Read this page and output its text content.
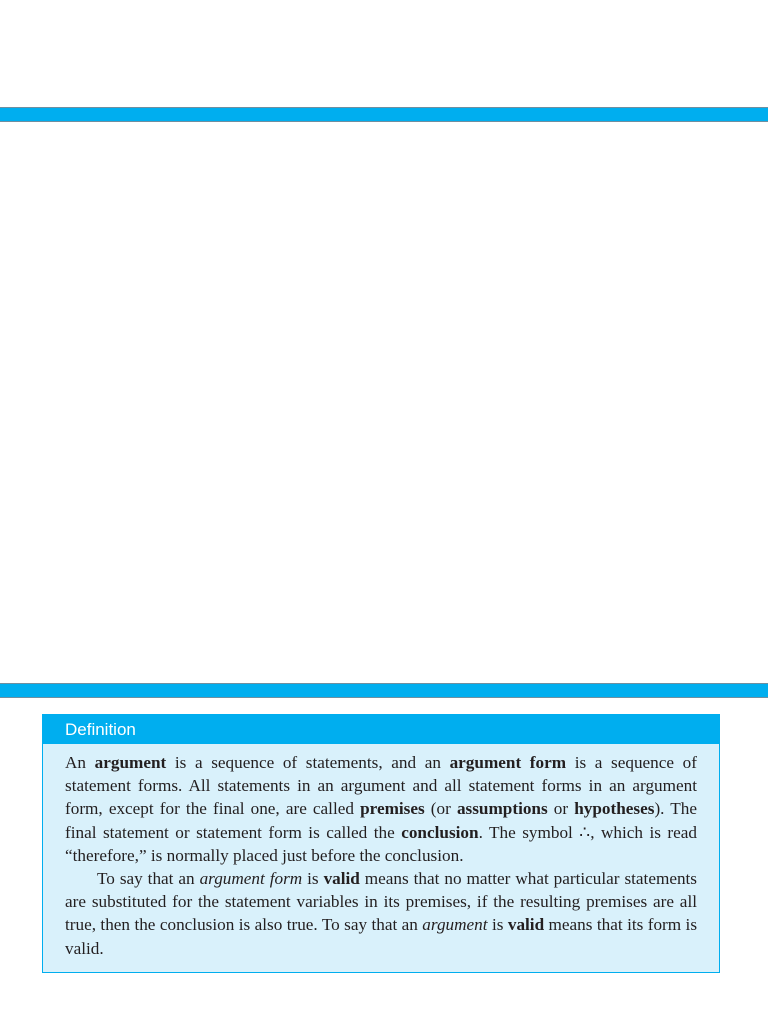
Definition

An argument is a sequence of statements, and an argument form is a sequence of statement forms. All statements in an argument and all statement forms in an argument form, except for the final one, are called premises (or assumptions or hypotheses). The final statement or statement form is called the conclusion. The symbol ∴, which is read “therefore,” is normally placed just before the conclusion.

To say that an argument form is valid means that no matter what particular statements are substituted for the statement variables in its premises, if the resulting premises are all true, then the conclusion is also true. To say that an argument is valid means that its form is valid.
